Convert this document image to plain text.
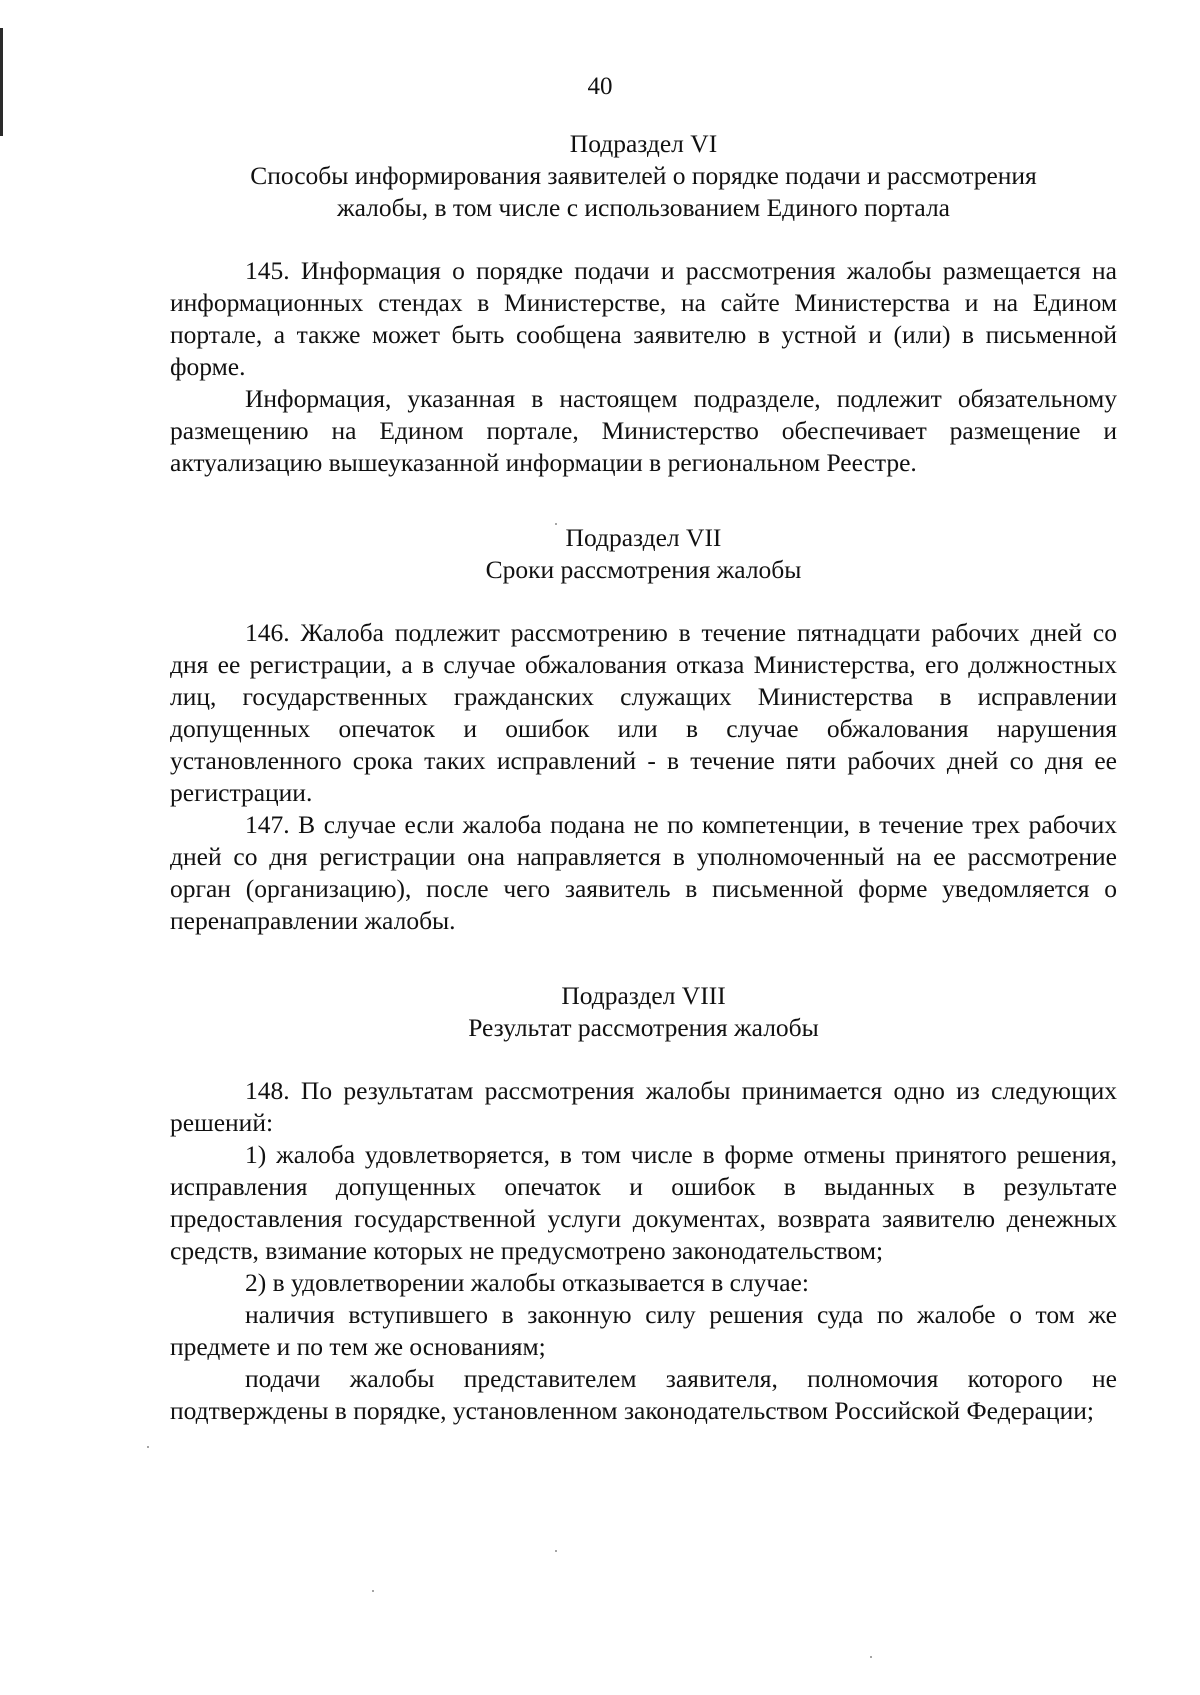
40

Подраздел VI

Способы информирования заявителей о порядке подачи и рассмотрения

жалобы, в том числе с использованием Единого портала

145. Информация о порядке подачи и рассмотрения жалобы размещается на информационных стендах в Министерстве, на сайте Министерства и на Едином портале, а также может быть сообщена заявителю в устной и (или) в письменной форме.

Информация, указанная в настоящем подразделе, подлежит обязательному размещению на Едином портале, Министерство обеспечивает размещение и актуализацию вышеуказанной информации в региональном Реестре.

Подраздел VII

Сроки рассмотрения жалобы

146. Жалоба подлежит рассмотрению в течение пятнадцати рабочих дней со дня ее регистрации, а в случае обжалования отказа Министерства, его должностных лиц, государственных гражданских служащих Министерства в исправлении допущенных опечаток и ошибок или в случае обжалования нарушения установленного срока таких исправлений - в течение пяти рабочих дней со дня ее регистрации.

147. В случае если жалоба подана не по компетенции, в течение трех рабочих дней со дня регистрации она направляется в уполномоченный на ее рассмотрение орган (организацию), после чего заявитель в письменной форме уведомляется о перенаправлении жалобы.

Подраздел VIII

Результат рассмотрения жалобы

148. По результатам рассмотрения жалобы принимается одно из следующих решений:

1) жалоба удовлетворяется, в том числе в форме отмены принятого решения, исправления допущенных опечаток и ошибок в выданных в результате предоставления государственной услуги документах, возврата заявителю денежных средств, взимание которых не предусмотрено законодательством;

2) в удовлетворении жалобы отказывается в случае:

наличия вступившего в законную силу решения суда по жалобе о том же предмете и по тем же основаниям;

подачи жалобы представителем заявителя, полномочия которого не подтверждены в порядке, установленном законодательством Российской Федерации;
